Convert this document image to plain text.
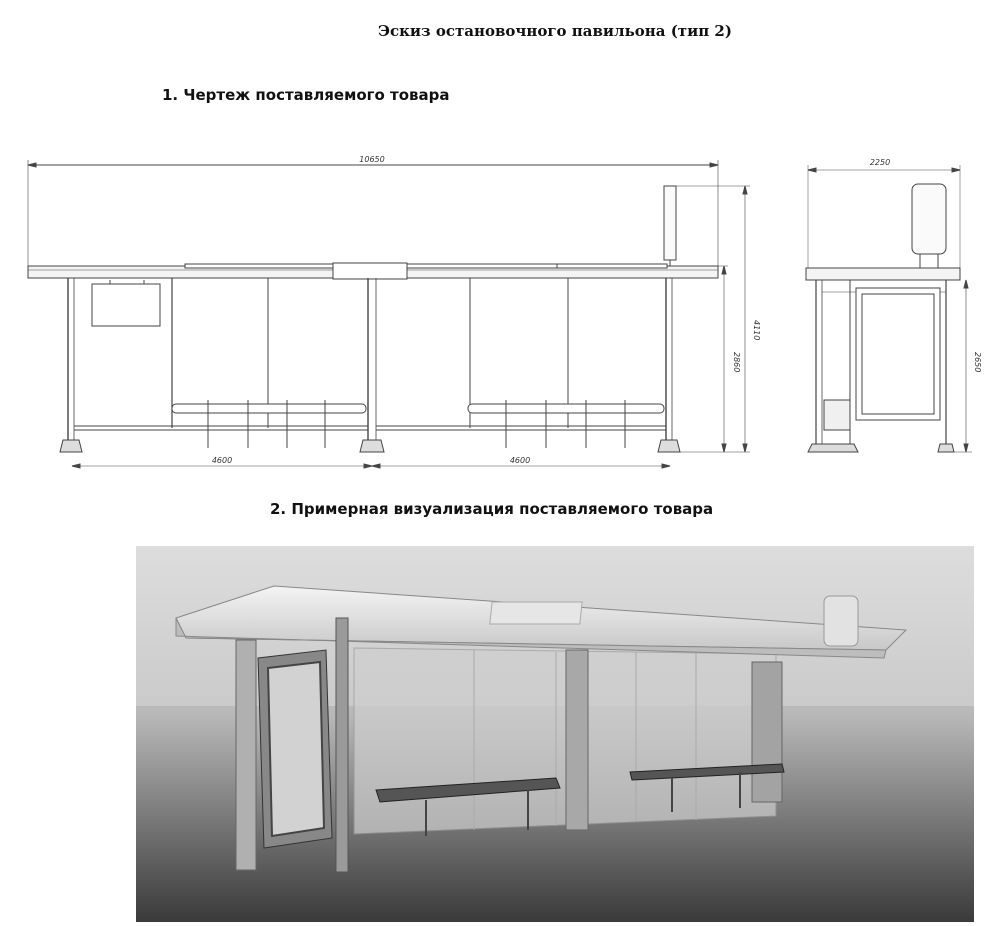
Эскиз остановочного павильона (тип 2)
1. Чертеж поставляемого товара
10650
4110
2860
4600	4600
2250
2650
2. Примерная визуализация поставляемого товара
